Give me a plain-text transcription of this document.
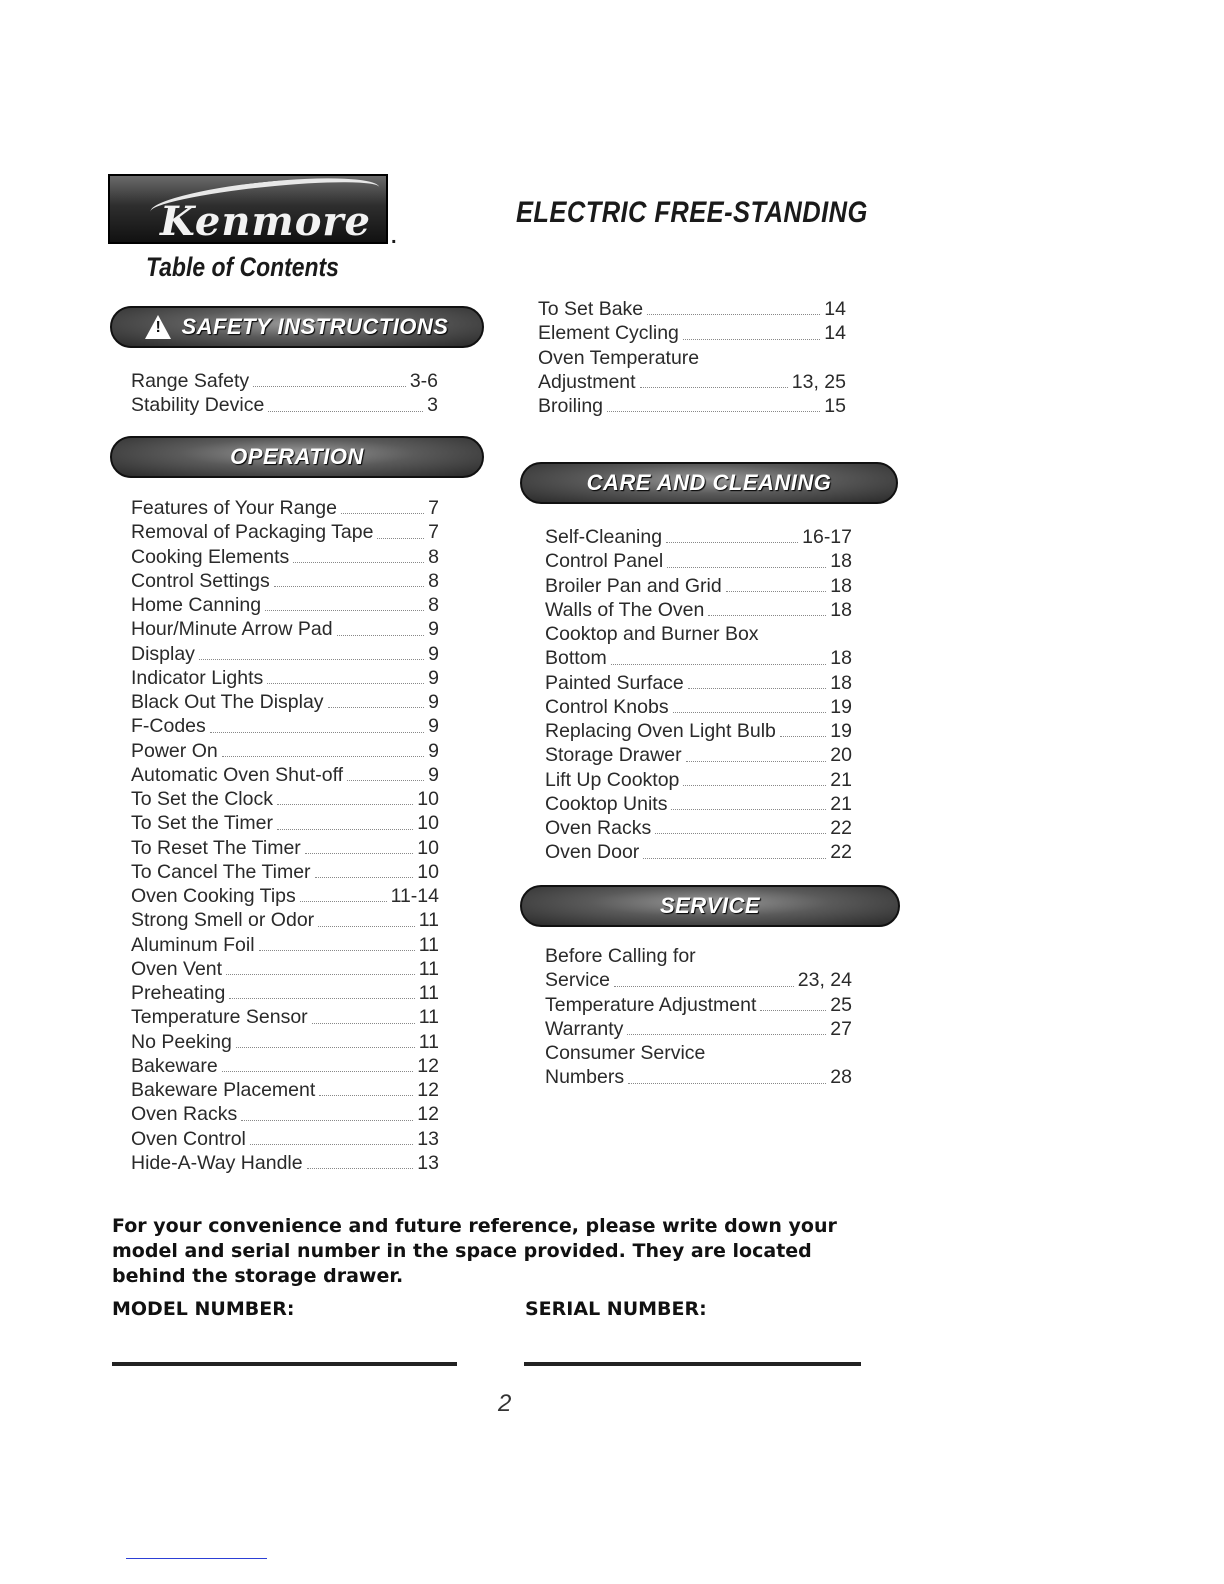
Kenmore .
ELECTRIC FREE-STANDING
Table of Contents
!
SAFETY INSTRUCTIONS
Range Safety	3-6
Stability Device	3
OPERATION
Features of Your Range	7
Removal of Packaging Tape	7
Cooking Elements	8
Control Settings	8
Home Canning	8
Hour/Minute Arrow Pad	9
Display	9
Indicator Lights	9
Black Out The Display	9
F-Codes	9
Power On	9
Automatic Oven Shut-off	9
To Set the Clock	10
To Set the Timer	10
To Reset The Timer	10
To Cancel The Timer	10
Oven Cooking Tips	11-14
Strong Smell or Odor	11
Aluminum Foil	11
Oven Vent	11
Preheating	11
Temperature Sensor	11
No Peeking	11
Bakeware	12
Bakeware Placement	12
Oven Racks	12
Oven Control	13
Hide-A-Way Handle	13
To Set Bake	14
Element Cycling	14
Oven Temperature
Adjustment	13, 25
Broiling	15
CARE AND CLEANING
Self-Cleaning	16-17
Control Panel	18
Broiler Pan and Grid	18
Walls of The Oven	18
Cooktop and Burner Box
Bottom	18
Painted Surface	18
Control Knobs	19
Replacing Oven Light Bulb	19
Storage Drawer	20
Lift Up Cooktop	21
Cooktop Units	21
Oven Racks	22
Oven Door	22
SERVICE
Before Calling for
Service	23, 24
Temperature Adjustment	25
Warranty	27
Consumer Service
Numbers	28
For your convenience and future reference, please write down your model and serial number in the space provided. They are located behind the storage drawer.
MODEL NUMBER:	SERIAL NUMBER:
2
